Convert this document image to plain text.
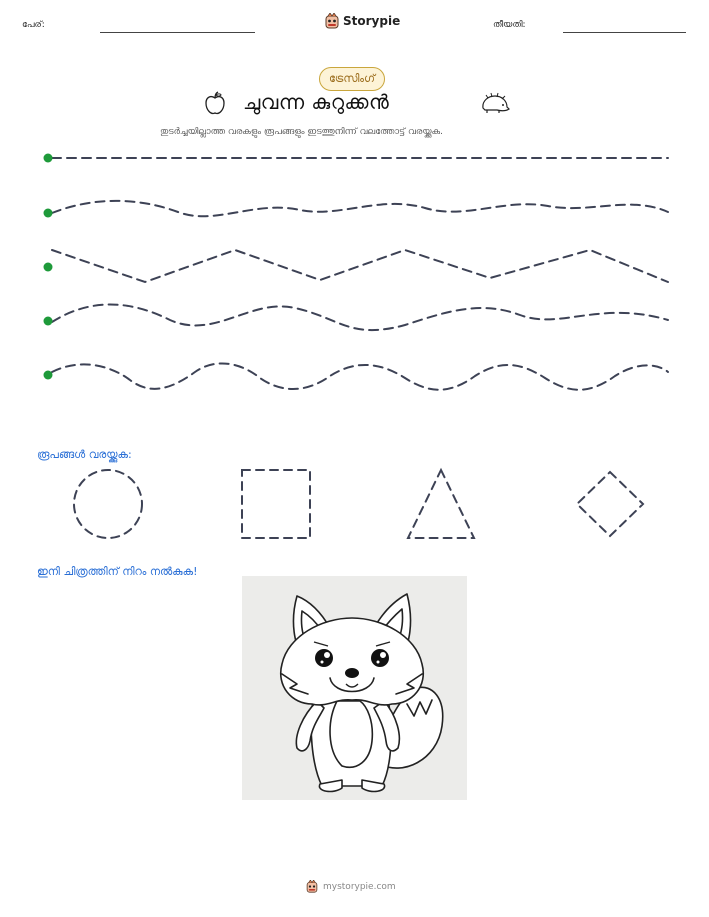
പേര്:	Storypie	തീയതി:
ട്രേസിംഗ്
ചുവന്ന കുറുക്കൻ
തുടർച്ചയില്ലാത്ത വരകളും രൂപങ്ങളും ഇടത്തുനിന്ന് വലത്തോട്ട് വരയ്ക്കുക.
രൂപങ്ങൾ വരയ്ക്കുക:
ഇനി ചിത്രത്തിന് നിറം നൽകുക!
mystorypie.com
